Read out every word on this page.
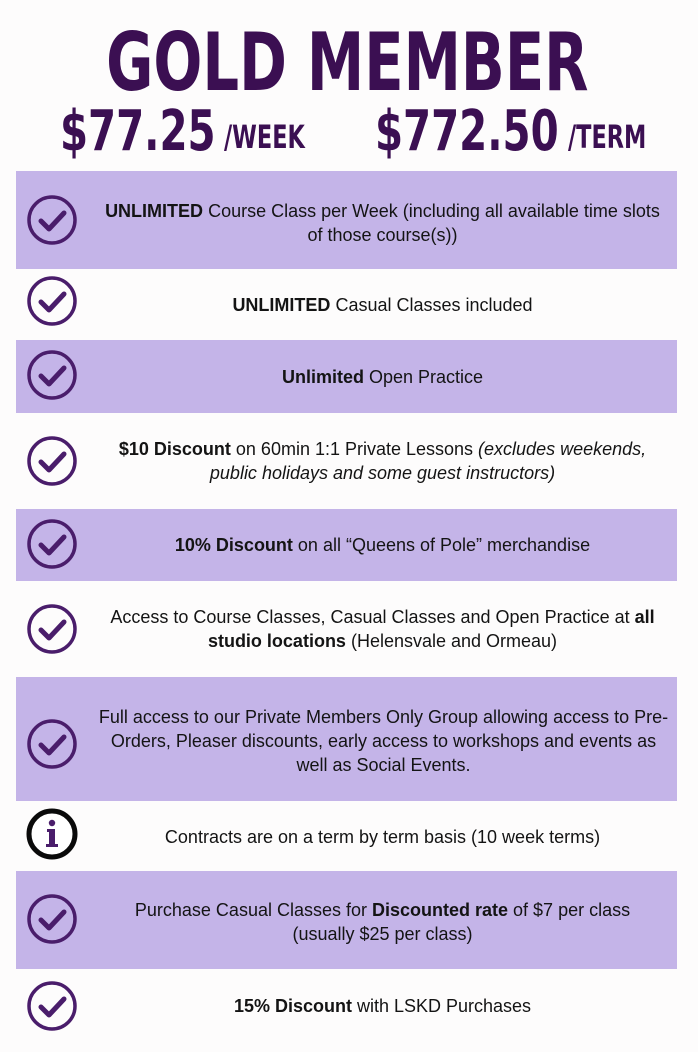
GOLD MEMBER
$77.25 /WEEK $772.50 /TERM
UNLIMITED Course Class per Week (including all available time slots of those course(s))
UNLIMITED Casual Classes included
Unlimited Open Practice
$10 Discount on 60min 1:1 Private Lessons (excludes weekends, public holidays and some guest instructors)
10% Discount on all “Queens of Pole” merchandise
Access to Course Classes, Casual Classes and Open Practice at all studio locations (Helensvale and Ormeau)
Full access to our Private Members Only Group allowing access to Pre-Orders, Pleaser discounts, early access to workshops and events as well as Social Events.
Contracts are on a term by term basis (10 week terms)
Purchase Casual Classes for Discounted rate of $7 per class (usually $25 per class)
15% Discount with LSKD Purchases
